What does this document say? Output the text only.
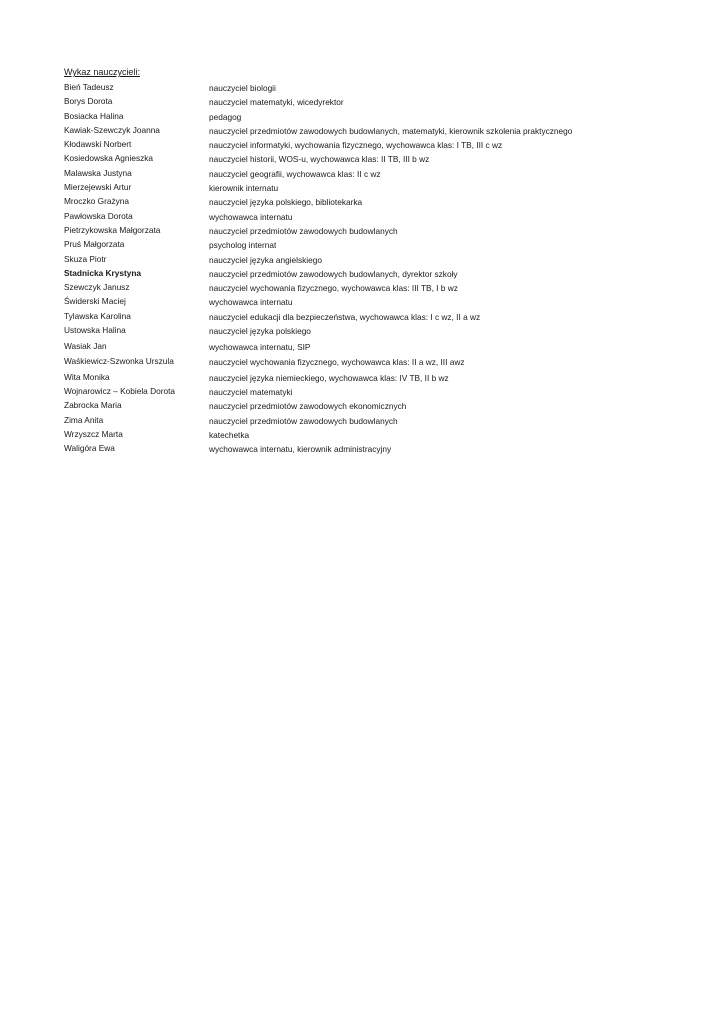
Wykaz nauczycieli:
Bień Tadeusz	nauczyciel biologii
Borys Dorota	nauczyciel matematyki, wicedyrektor
Bosiacka Halina	pedagog
Kawiak-Szewczyk Joanna	nauczyciel przedmiotów zawodowych budowlanych, matematyki, kierownik szkolenia praktycznego
Kłodawski Norbert	nauczyciel informatyki, wychowania fizycznego, wychowawca klas: I TB, III c wz
Kosiedowska Agnieszka	nauczyciel historii, WOS-u, wychowawca klas: II TB, III b wz
Malawska Justyna	nauczyciel geografii, wychowawca klas: II c wz
Mierzejewski Artur	kierownik internatu
Mroczko Grażyna	nauczyciel języka polskiego, bibliotekarka
Pawłowska Dorota	wychowawca internatu
Pietrzykowska Małgorzata	nauczyciel przedmiotów zawodowych budowlanych
Pruś Małgorzata	psycholog internat
Skuza Piotr	nauczyciel języka angielskiego
Stadnicka Krystyna	nauczyciel przedmiotów zawodowych budowlanych, dyrektor szkoły
Szewczyk Janusz	nauczyciel wychowania fizycznego, wychowawca klas: III TB, I b wz
Świderski Maciej	wychowawca internatu
Tylawska Karolina	nauczyciel edukacji dla bezpieczeństwa, wychowawca klas: I c wz, II a wz
Ustowska Halina	nauczyciel języka polskiego
Wasiak Jan	wychowawca internatu, SIP
Waśkiewicz-Szwonka Urszula	nauczyciel wychowania fizycznego, wychowawca klas: II a wz, III awz
Wita Monika	nauczyciel języka niemieckiego, wychowawca klas: IV TB, II b wz
Wojnarowicz – Kobiela Dorota	nauczyciel matematyki
Zabrocka Maria	nauczyciel przedmiotów zawodowych ekonomicznych
Zima Anita	nauczyciel przedmiotów zawodowych budowlanych
Wrzyszcz Marta	katechetka
Waligóra Ewa	wychowawca internatu, kierownik administracyjny
